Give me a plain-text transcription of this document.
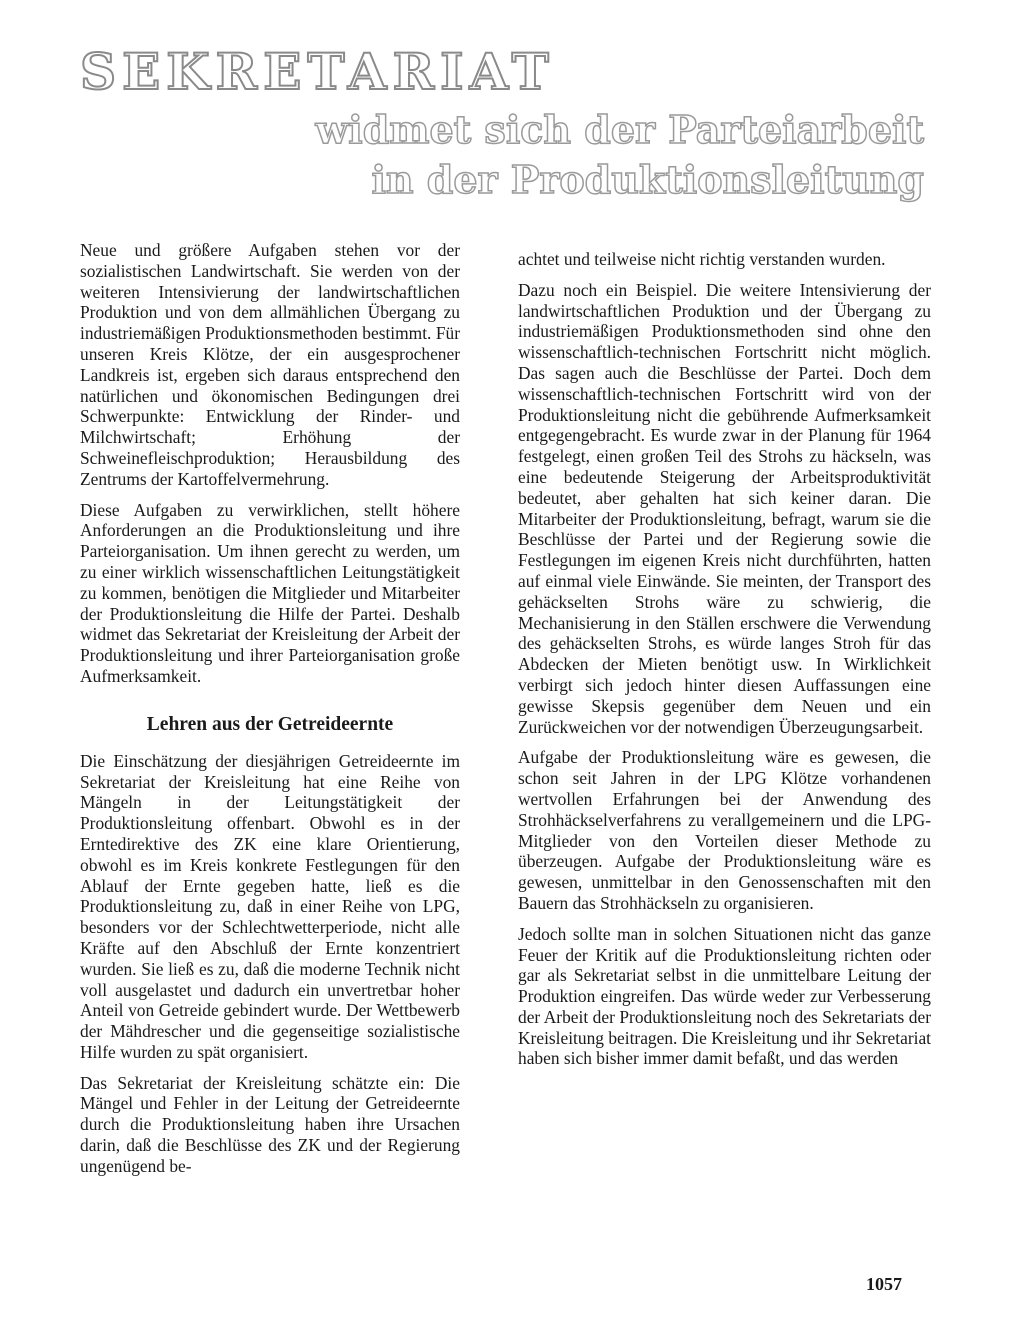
SEKRETARIAT
widmet sich der Parteiarbeit
in der Produktionsleitung

Neue und größere Aufgaben stehen vor der sozialistischen Landwirtschaft. Sie werden von der weiteren Intensivierung der landwirtschaftlichen Produktion und von dem allmählichen Übergang zu industriemäßigen Produktionsmethoden bestimmt. Für unseren Kreis Klötze, der ein ausgesprochener Landkreis ist, ergeben sich daraus entsprechend den natürlichen und ökonomischen Bedingungen drei Schwerpunkte: Entwicklung der Rinder- und Milchwirtschaft; Erhöhung der Schweinefleischproduktion; Herausbildung des Zentrums der Kartoffelvermehrung.

Diese Aufgaben zu verwirklichen, stellt höhere Anforderungen an die Produktionsleitung und ihre Parteiorganisation. Um ihnen gerecht zu werden, um zu einer wirklich wissenschaftlichen Leitungstätigkeit zu kommen, benötigen die Mitglieder und Mitarbeiter der Produktionsleitung die Hilfe der Partei. Deshalb widmet das Sekretariat der Kreisleitung der Arbeit der Produktionsleitung und ihrer Parteiorganisation große Aufmerksamkeit.

Lehren aus der Getreideernte

Die Einschätzung der diesjährigen Getreideernte im Sekretariat der Kreisleitung hat eine Reihe von Mängeln in der Leitungstätigkeit der Produktionsleitung offenbart. Obwohl es in der Erntedirektive des ZK eine klare Orientierung, obwohl es im Kreis konkrete Festlegungen für den Ablauf der Ernte gegeben hatte, ließ es die Produktionsleitung zu, daß in einer Reihe von LPG, besonders vor der Schlechtwetterperiode, nicht alle Kräfte auf den Abschluß der Ernte konzentriert wurden. Sie ließ es zu, daß die moderne Technik nicht voll ausgelastet und dadurch ein unvertretbar hoher Anteil von Getreide gebindert wurde. Der Wettbewerb der Mähdrescher und die gegenseitige sozialistische Hilfe wurden zu spät organisiert.

Das Sekretariat der Kreisleitung schätzte ein: Die Mängel und Fehler in der Leitung der Getreideernte durch die Produktionsleitung haben ihre Ursachen darin, daß die Beschlüsse des ZK und der Regierung ungenügend be-

achtet und teilweise nicht richtig verstanden wurden.

Dazu noch ein Beispiel. Die weitere Intensivierung der landwirtschaftlichen Produktion und der Übergang zu industriemäßigen Produktionsmethoden sind ohne den wissenschaftlich-technischen Fortschritt nicht möglich. Das sagen auch die Beschlüsse der Partei. Doch dem wissenschaftlich-technischen Fortschritt wird von der Produktionsleitung nicht die gebührende Aufmerksamkeit entgegengebracht. Es wurde zwar in der Planung für 1964 festgelegt, einen großen Teil des Strohs zu häckseln, was eine bedeutende Steigerung der Arbeitsproduktivität bedeutet, aber gehalten hat sich keiner daran. Die Mitarbeiter der Produktionsleitung, befragt, warum sie die Beschlüsse der Partei und der Regierung sowie die Festlegungen im eigenen Kreis nicht durchführten, hatten auf einmal viele Einwände. Sie meinten, der Transport des gehäckselten Strohs wäre zu schwierig, die Mechanisierung in den Ställen erschwere die Verwendung des gehäckselten Strohs, es würde langes Stroh für das Abdecken der Mieten benötigt usw. In Wirklichkeit verbirgt sich jedoch hinter diesen Auffassungen eine gewisse Skepsis gegenüber dem Neuen und ein Zurückweichen vor der notwendigen Überzeugungsarbeit.

Aufgabe der Produktionsleitung wäre es gewesen, die schon seit Jahren in der LPG Klötze vorhandenen wertvollen Erfahrungen bei der Anwendung des Strohhäckselverfahrens zu verallgemeinern und die LPG-Mitglieder von den Vorteilen dieser Methode zu überzeugen. Aufgabe der Produktionsleitung wäre es gewesen, unmittelbar in den Genossenschaften mit den Bauern das Strohhäckseln zu organisieren.

Jedoch sollte man in solchen Situationen nicht das ganze Feuer der Kritik auf die Produktionsleitung richten oder gar als Sekretariat selbst in die unmittelbare Leitung der Produktion eingreifen. Das würde weder zur Verbesserung der Arbeit der Produktionsleitung noch des Sekretariats der Kreisleitung beitragen. Die Kreisleitung und ihr Sekretariat haben sich bisher immer damit befaßt, und das werden

1057
